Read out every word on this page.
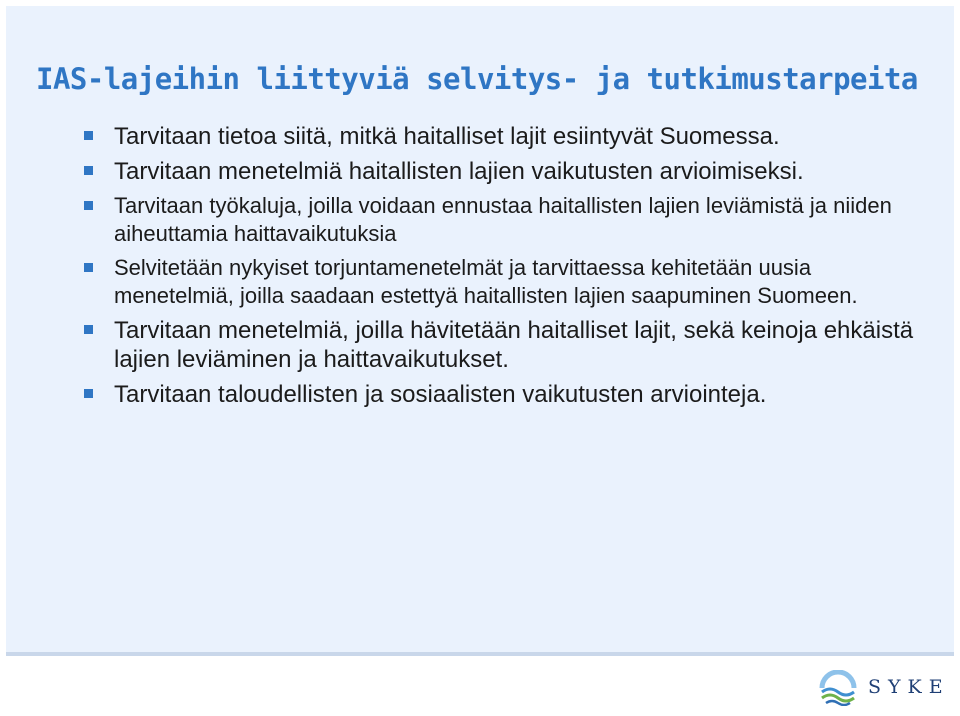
IAS-lajeihin liittyviä selvitys- ja tutkimustarpeita
Tarvitaan tietoa siitä, mitkä haitalliset lajit esiintyvät Suomessa.
Tarvitaan menetelmiä haitallisten lajien vaikutusten arvioimiseksi.
Tarvitaan työkaluja, joilla voidaan ennustaa haitallisten lajien leviämistä ja niiden aiheuttamia haittavaikutuksia
Selvitetään nykyiset torjuntamenetelmät ja tarvittaessa kehitetään uusia menetelmiä, joilla saadaan estettyä haitallisten lajien saapuminen Suomeen.
Tarvitaan menetelmiä, joilla hävitetään haitalliset lajit, sekä keinoja ehkäistä lajien leviäminen ja haittavaikutukset.
Tarvitaan taloudellisten ja sosiaalisten vaikutusten arviointeja.
SYKE
